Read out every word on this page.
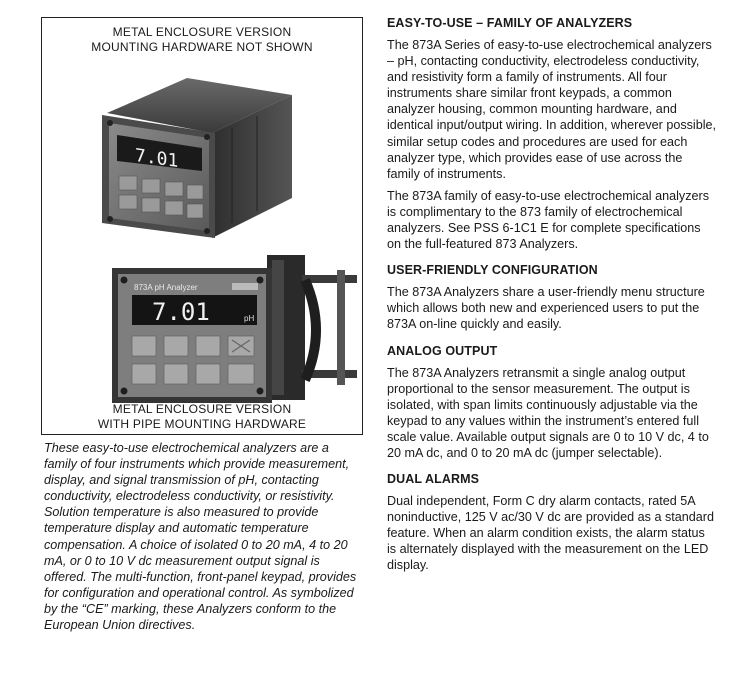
METAL ENCLOSURE VERSION
MOUNTING HARDWARE NOT SHOWN
7.01
873A pH Analyzer
7.01	pH
METAL ENCLOSURE VERSION
WITH PIPE MOUNTING HARDWARE

These easy-to-use electrochemical analyzers are a family of four instruments which provide measurement, display, and signal transmission of pH, contacting conductivity, electrodeless conductivity, or resistivity. Solution temperature is also measured to provide temperature display and automatic temperature compensation. A choice of isolated 0 to 20 mA, 4 to 20 mA, or 0 to 10 V dc measurement output signal is offered. The multi-function, front-panel keypad, provides for configuration and operational control. As symbolized by the “CE” marking, these Analyzers conform to the European Union directives.

EASY-TO-USE – FAMILY OF ANALYZERS

The 873A Series of easy-to-use electrochemical analyzers – pH, contacting conductivity, electrodeless conductivity, and resistivity form a family of instruments. All four instruments share similar front keypads, a common analyzer housing, common mounting hardware, and identical input/output wiring. In addition, wherever possible, similar setup codes and procedures are used for each analyzer type, which provides ease of use across the family of instruments.

The 873A family of easy-to-use electrochemical analyzers is complimentary to the 873 family of electrochemical analyzers. See PSS 6-1C1 E for complete specifications on the full-featured 873 Analyzers.

USER-FRIENDLY CONFIGURATION

The 873A Analyzers share a user-friendly menu structure which allows both new and experienced users to put the 873A on-line quickly and easily.

ANALOG OUTPUT

The 873A Analyzers retransmit a single analog output proportional to the sensor measurement. The output is isolated, with span limits continuously adjustable via the keypad to any values within the instrument’s entered full scale value. Available output signals are 0 to 10 V dc, 4 to 20 mA dc, and 0 to 20 mA dc (jumper selectable).

DUAL ALARMS

Dual independent, Form C dry alarm contacts, rated 5A noninductive, 125 V ac/30 V dc are provided as a standard feature. When an alarm condition exists, the alarm status is alternately displayed with the measurement on the LED display.
